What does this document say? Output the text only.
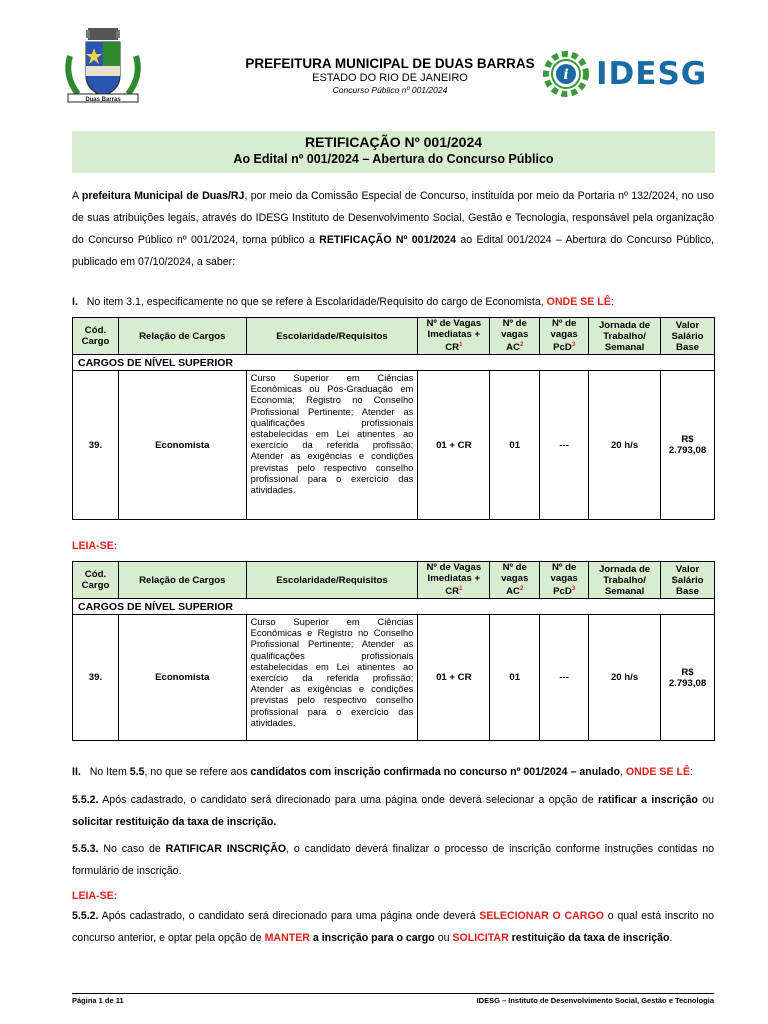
Duas Barras
PREFEITURA MUNICIPAL DE DUAS BARRAS
ESTADO DO RIO DE JANEIRO
Concurso Público nº 001/2024
i IDESG
RETIFICAÇÃO Nº 001/2024
Ao Edital nº 001/2024 – Abertura do Concurso Público
A prefeitura Municipal de Duas/RJ, por meio da Comissão Especial de Concurso, instituída por meio da Portaria nº 132/2024, no uso de suas atribuições legais, através do IDESG Instituto de Desenvolvimento Social, Gestão e Tecnologia, responsável pela organização do Concurso Público nº 001/2024, torna público a RETIFICAÇÃO Nº 001/2024 ao Edital 001/2024 – Abertura do Concurso Público, publicado em 07/10/2024, a saber:
I. No item 3.1, especificamente no que se refere à Escolaridade/Requisito do cargo de Economista, ONDE SE LÊ:
Cód. Cargo	Relação de Cargos	Escolaridade/Requisitos	Nº de Vagas Imediatas + $CR^1$	Nº de vagas $AC^2$	Nº de vagas PcD$^3$	Jornada de Trabalho/ Semanal	Valor Salário Base
CARGOS DE NÍVEL SUPERIOR							
39.	Economista	Curso Superior em Ciências Econômicas ou Pós-Graduação em Economia; Registro no Conselho Profissional Pertinente; Atender as qualificações profissionais estabelecidas em Lei atinentes ao exercício da referida profissão; Atender as exigências e condições previstas pelo respectivo conselho profissional para o exercício das atividades.	01 + CR	01	---	20 h/s	R$
2.793,08
LEIA-SE:
Cód. Cargo	Relação de Cargos	Escolaridade/Requisitos	Nº de Vagas Imediatas + $CR^1$	Nº de vagas $AC^2$	Nº de vagas PcD$^3$	Jornada de Trabalho/ Semanal	Valor Salário Base
CARGOS DE NÍVEL SUPERIOR							
39.	Economista	Curso Superior em Ciências Econômicas e Registro no Conselho Profissional Pertinente; Atender as qualificações profissionais estabelecidas em Lei atinentes ao exercício da referida profissão; Atender as exigências e condições previstas pelo respectivo conselho profissional para o exercício das atividades.	01 + CR	01	---	20 h/s	R$
2.793,08
II. No Item 5.5, no que se refere aos candidatos com inscrição confirmada no concurso nº 001/2024 – anulado, ONDE SE LÊ:
5.5.2. Após cadastrado, o candidato será direcionado para uma página onde deverá selecionar a opção de ratificar a inscrição ou solicitar restituição da taxa de inscrição.
5.5.3. No caso de RATIFICAR INSCRIÇÃO, o candidato deverá finalizar o processo de inscrição conforme instruções contidas no formulário de inscrição.
LEIA-SE:
5.5.2. Após cadastrado, o candidato será direcionado para uma página onde deverá SELECIONAR O CARGO o qual está inscrito no concurso anterior, e optar pela opção de MANTER a inscrição para o cargo ou SOLICITAR restituição da taxa de inscrição.
Página 1 de 11	IDESG – Instituto de Desenvolvimento Social, Gestão e Tecnologia
